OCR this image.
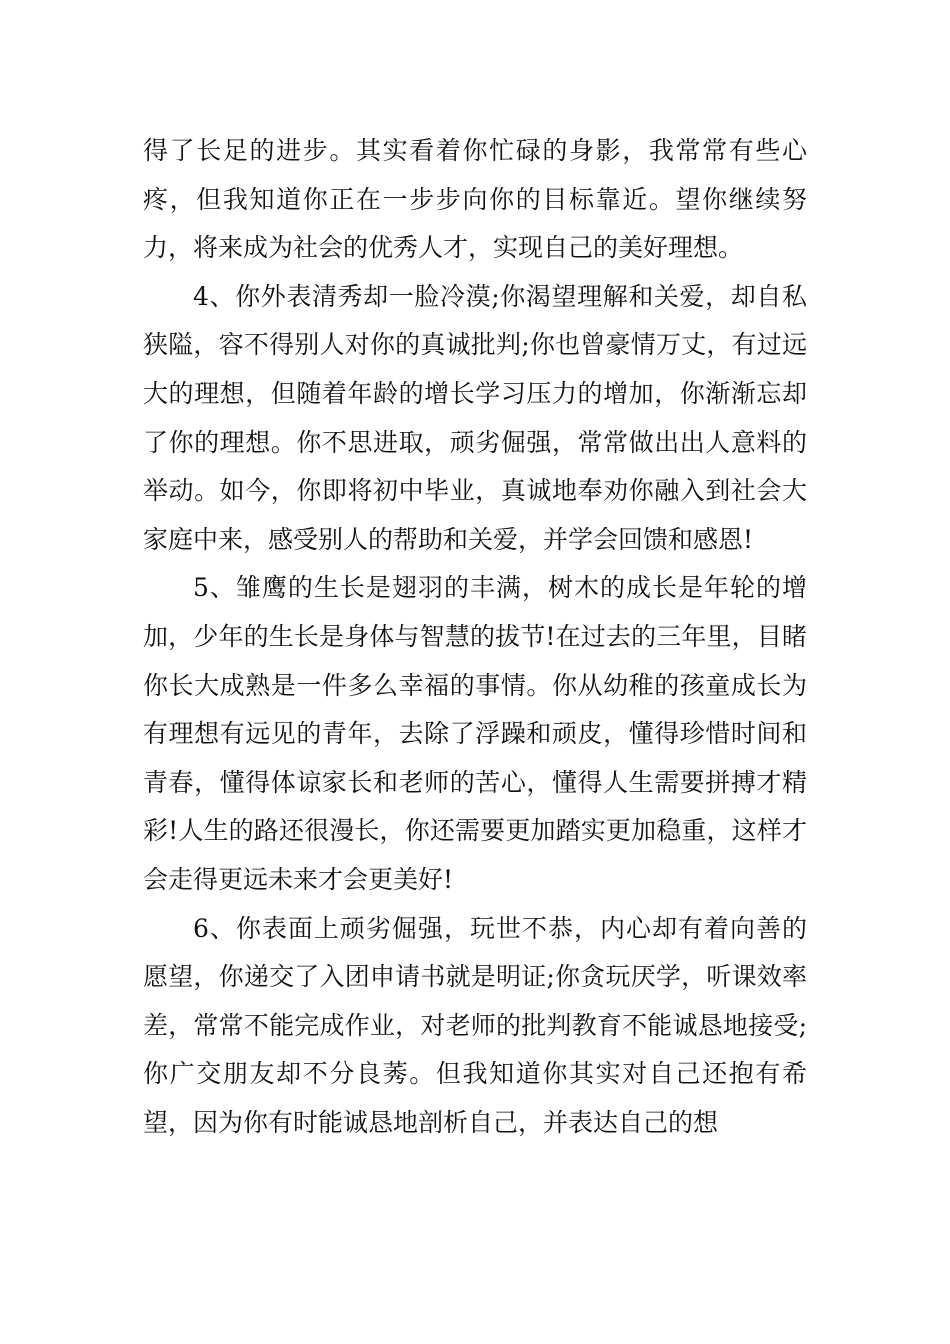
得了长足的进步。其实看着你忙碌的身影，我常常有些心疼，但我知道你正在一步步向你的目标靠近。望你继续努力，将来成为社会的优秀人才，实现自己的美好理想。

4、你外表清秀却一脸冷漠;你渴望理解和关爱，却自私狭隘，容不得别人对你的真诚批判;你也曾豪情万丈，有过远大的理想，但随着年龄的增长学习压力的增加，你渐渐忘却了你的理想。你不思进取，顽劣倔强，常常做出出人意料的举动。如今，你即将初中毕业，真诚地奉劝你融入到社会大家庭中来，感受别人的帮助和关爱，并学会回馈和感恩!

5、雏鹰的生长是翅羽的丰满，树木的成长是年轮的增加，少年的生长是身体与智慧的拔节!在过去的三年里，目睹你长大成熟是一件多么幸福的事情。你从幼稚的孩童成长为有理想有远见的青年，去除了浮躁和顽皮，懂得珍惜时间和青春，懂得体谅家长和老师的苦心，懂得人生需要拼搏才精彩!人生的路还很漫长，你还需要更加踏实更加稳重，这样才会走得更远未来才会更美好!

6、你表面上顽劣倔强，玩世不恭，内心却有着向善的愿望，你递交了入团申请书就是明证;你贪玩厌学，听课效率差，常常不能完成作业，对老师的批判教育不能诚恳地接受;你广交朋友却不分良莠。但我知道你其实对自己还抱有希望，因为你有时能诚恳地剖析自己，并表达自己的想
